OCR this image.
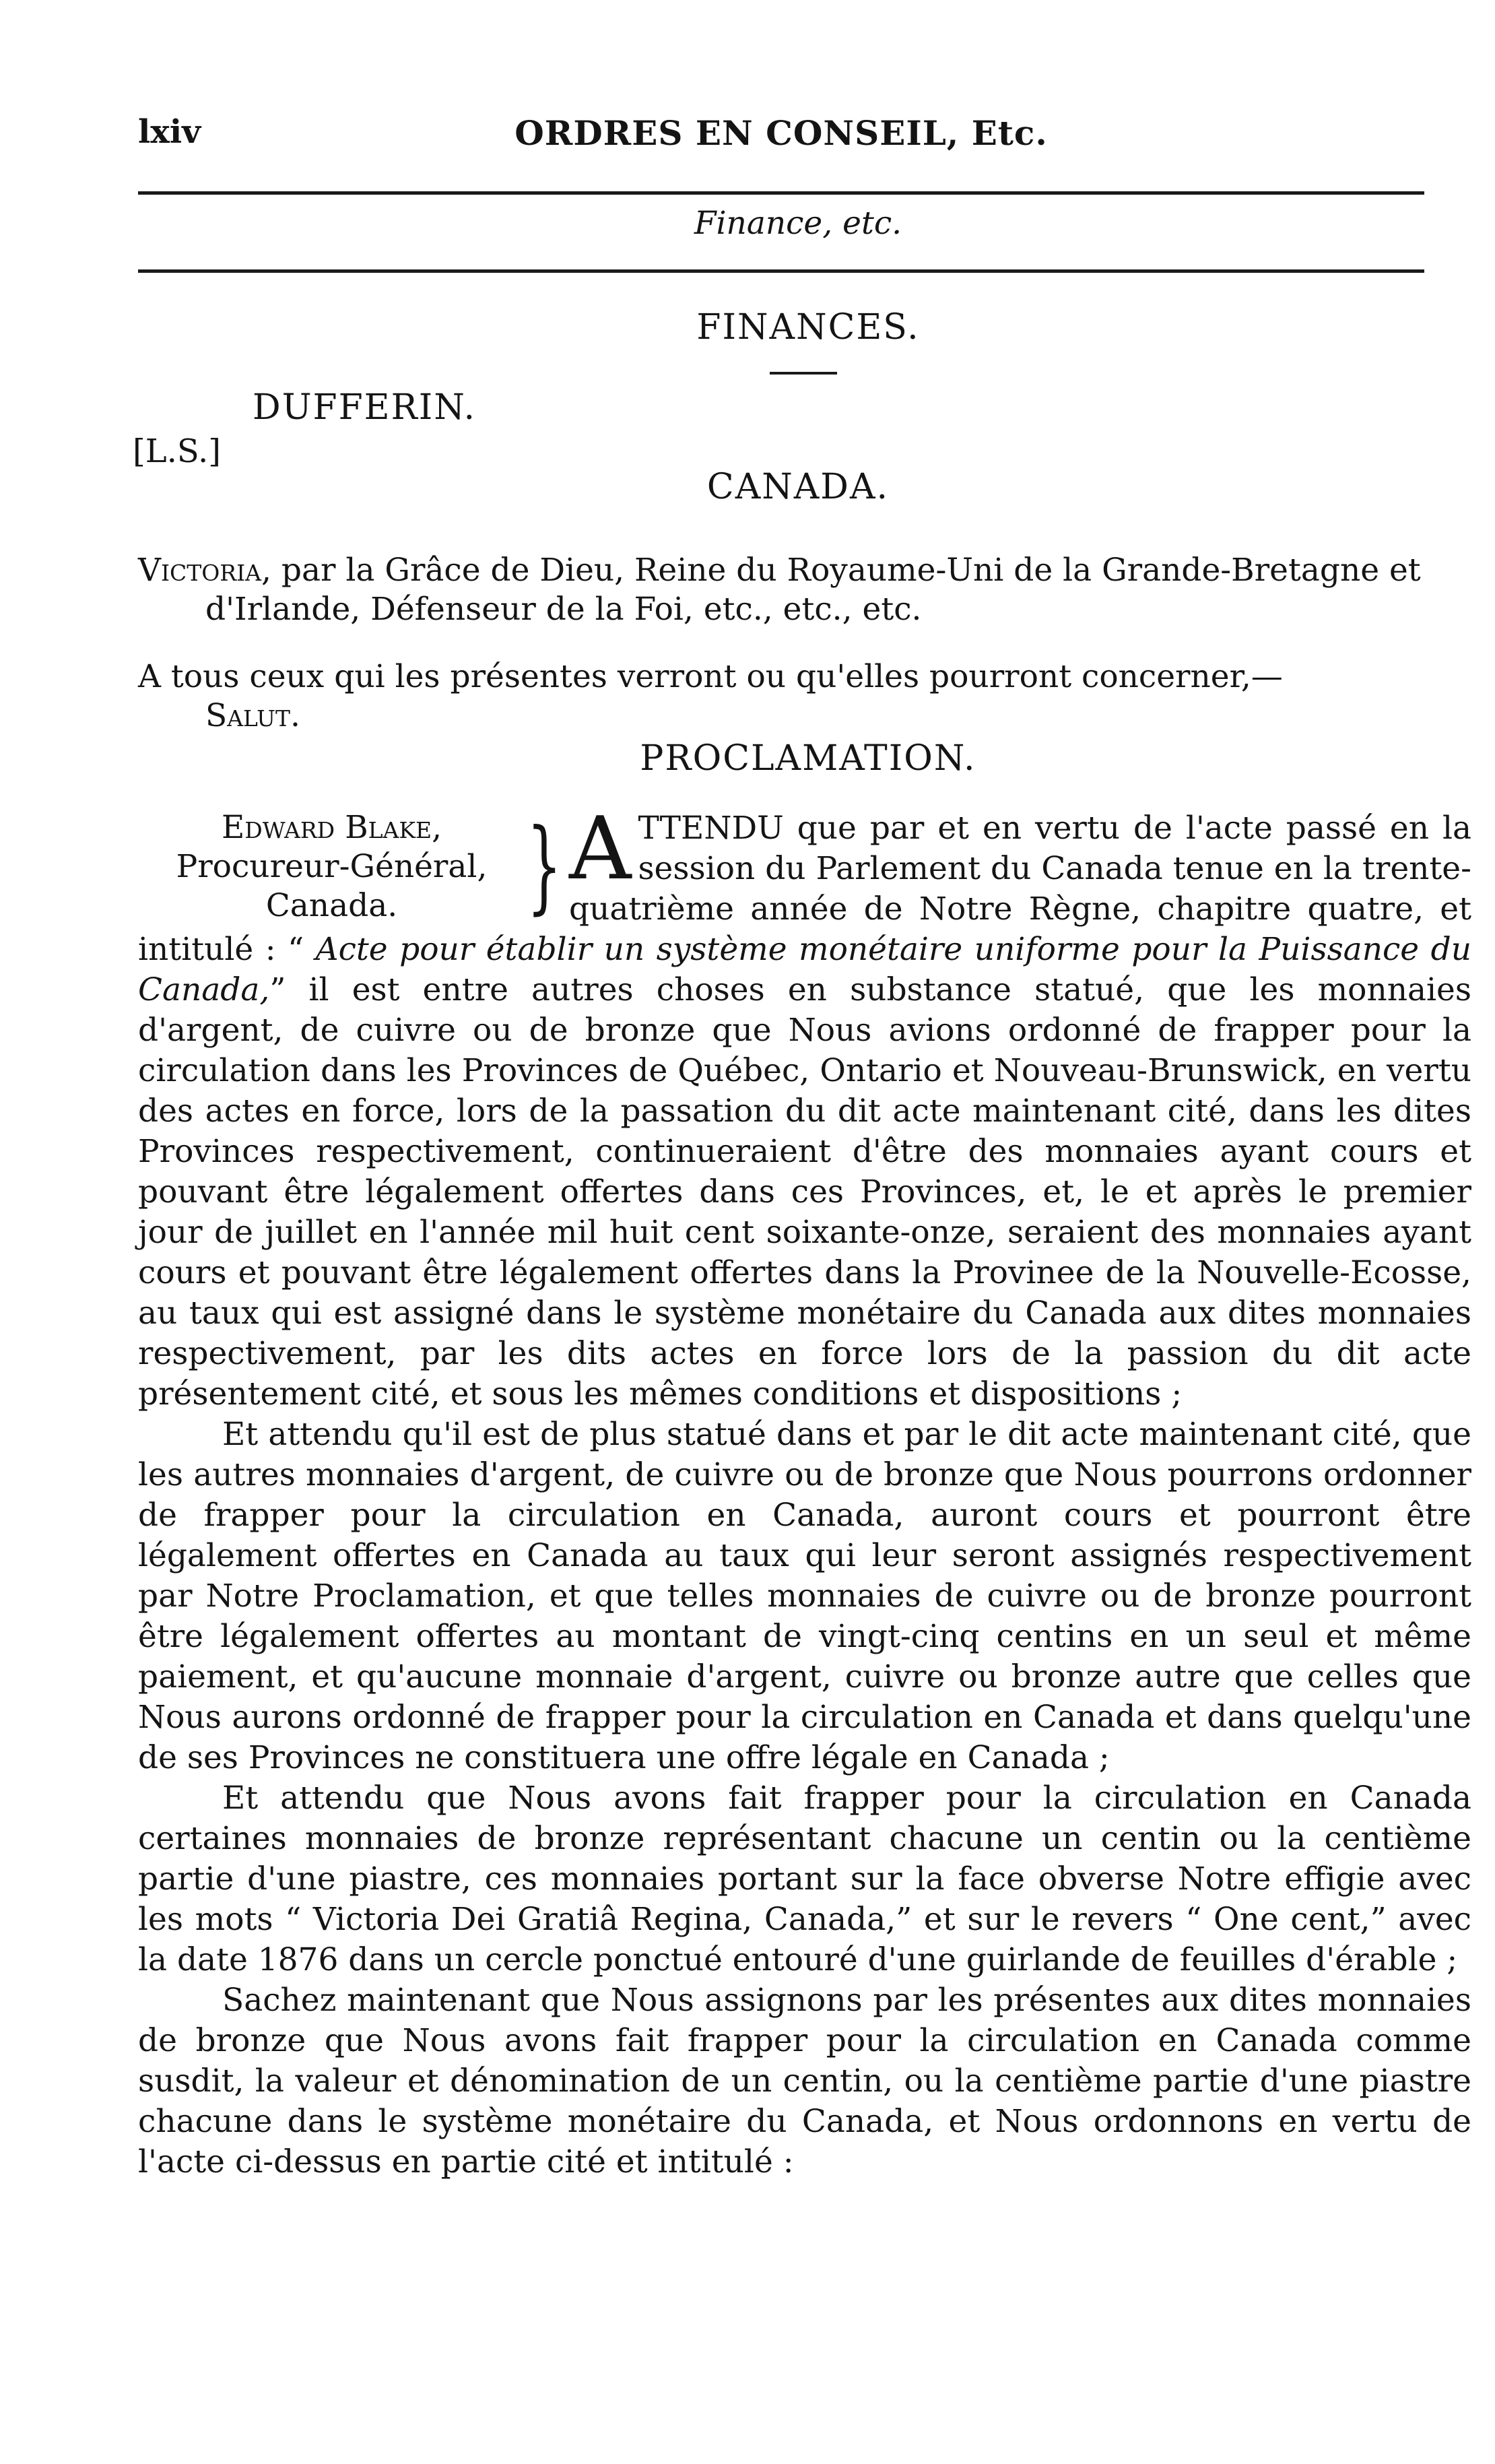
lxiv	ORDRES EN CONSEIL, Etc.
Finance, etc.
FINANCES.
DUFFERIN.
[L.S.]
CANADA.
Victoria, par la Grâce de Dieu, Reine du Royaume-Uni de la Grande-Bretagne et d'Irlande, Défenseur de la Foi, etc., etc., etc.
A tous ceux qui les présentes verront ou qu'elles pourront concerner,—
Salut.
PROCLAMATION.
Edward Blake,
Procureur-Général,
Canada.	} ATTENDU que par et en vertu de l'acte passé en la session du Parlement du Canada tenue en la trente-quatrième année de Notre Règne, chapitre quatre, et intitulé : “ Acte pour établir un système monétaire uniforme pour la Puissance du Canada,” il est entre autres choses en substance statué, que les monnaies d'argent, de cuivre ou de bronze que Nous avions ordonné de frapper pour la circulation dans les Provinces de Québec, Ontario et Nouveau-Brunswick, en vertu des actes en force, lors de la passation du dit acte maintenant cité, dans les dites Provinces respectivement, continueraient d'être des monnaies ayant cours et pouvant être légalement offertes dans ces Provinces, et, le et après le premier jour de juillet en l'année mil huit cent soixante-onze, seraient des monnaies ayant cours et pouvant être légalement offertes dans la Provinee de la Nouvelle-Ecosse, au taux qui est assigné dans le système monétaire du Canada aux dites monnaies respectivement, par les dits actes en force lors de la passion du dit acte présentement cité, et sous les mêmes conditions et dispositions ;

Et attendu qu'il est de plus statué dans et par le dit acte maintenant cité, que les autres monnaies d'argent, de cuivre ou de bronze que Nous pourrons ordonner de frapper pour la circulation en Canada, auront cours et pourront être légalement offertes en Canada au taux qui leur seront assignés respectivement par Notre Proclamation, et que telles monnaies de cuivre ou de bronze pourront être légalement offertes au montant de vingt-cinq centins en un seul et même paiement, et qu'aucune monnaie d'argent, cuivre ou bronze autre que celles que Nous aurons ordonné de frapper pour la circulation en Canada et dans quelqu'une de ses Provinces ne constituera une offre légale en Canada ;

Et attendu que Nous avons fait frapper pour la circulation en Canada certaines monnaies de bronze représentant chacune un centin ou la centième partie d'une piastre, ces monnaies portant sur la face obverse Notre effigie avec les mots “ Victoria Dei Gratiâ Regina, Canada,” et sur le revers “ One cent,” avec la date 1876 dans un cercle ponctué entouré d'une guirlande de feuilles d'érable ;

Sachez maintenant que Nous assignons par les présentes aux dites monnaies de bronze que Nous avons fait frapper pour la circulation en Canada comme susdit, la valeur et dénomination de un centin, ou la centième partie d'une piastre chacune dans le système monétaire du Canada, et Nous ordonnons en vertu de l'acte ci-dessus en partie cité et intitulé :
